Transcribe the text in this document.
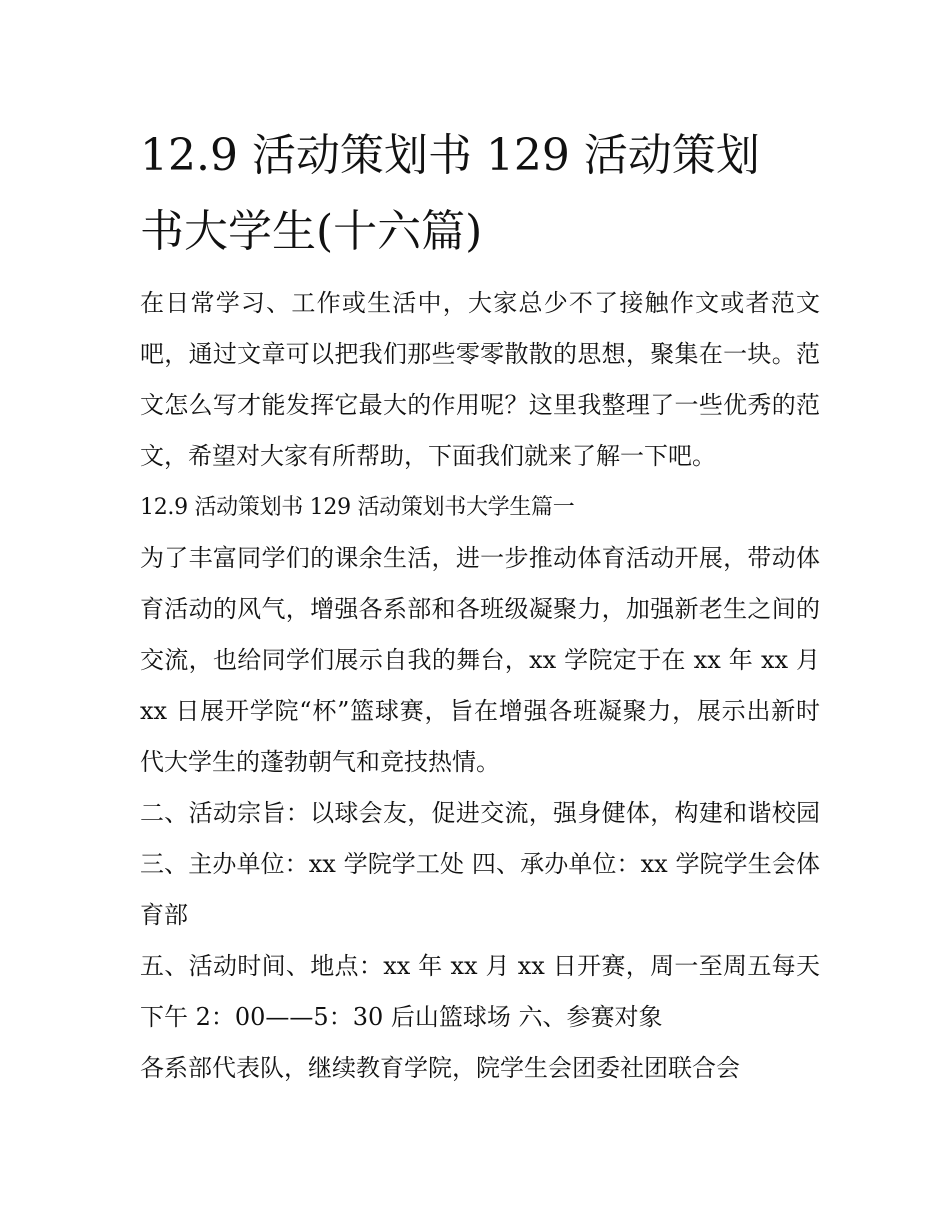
12.9 活动策划书 129 活动策划
书大学生(十六篇)

在日常学习、工作或生活中，大家总少不了接触作文或者范文吧，通过文章可以把我们那些零零散散的思想，聚集在一块。范文怎么写才能发挥它最大的作用呢？这里我整理了一些优秀的范文，希望对大家有所帮助，下面我们就来了解一下吧。

12.9 活动策划书 129 活动策划书大学生篇一

为了丰富同学们的课余生活，进一步推动体育活动开展，带动体育活动的风气，增强各系部和各班级凝聚力，加强新老生之间的交流，也给同学们展示自我的舞台，xx 学院定于在 xx 年 xx 月 xx 日展开学院“杯”篮球赛，旨在增强各班凝聚力，展示出新时代大学生的蓬勃朝气和竞技热情。

二、活动宗旨：以球会友，促进交流，强身健体，构建和谐校园 三、主办单位：xx 学院学工处 四、承办单位：xx 学院学生会体育部

五、活动时间、地点：xx 年 xx 月 xx 日开赛，周一至周五每天下午 2：00——5：30 后山篮球场 六、参赛对象

各系部代表队，继续教育学院，院学生会团委社团联合会
